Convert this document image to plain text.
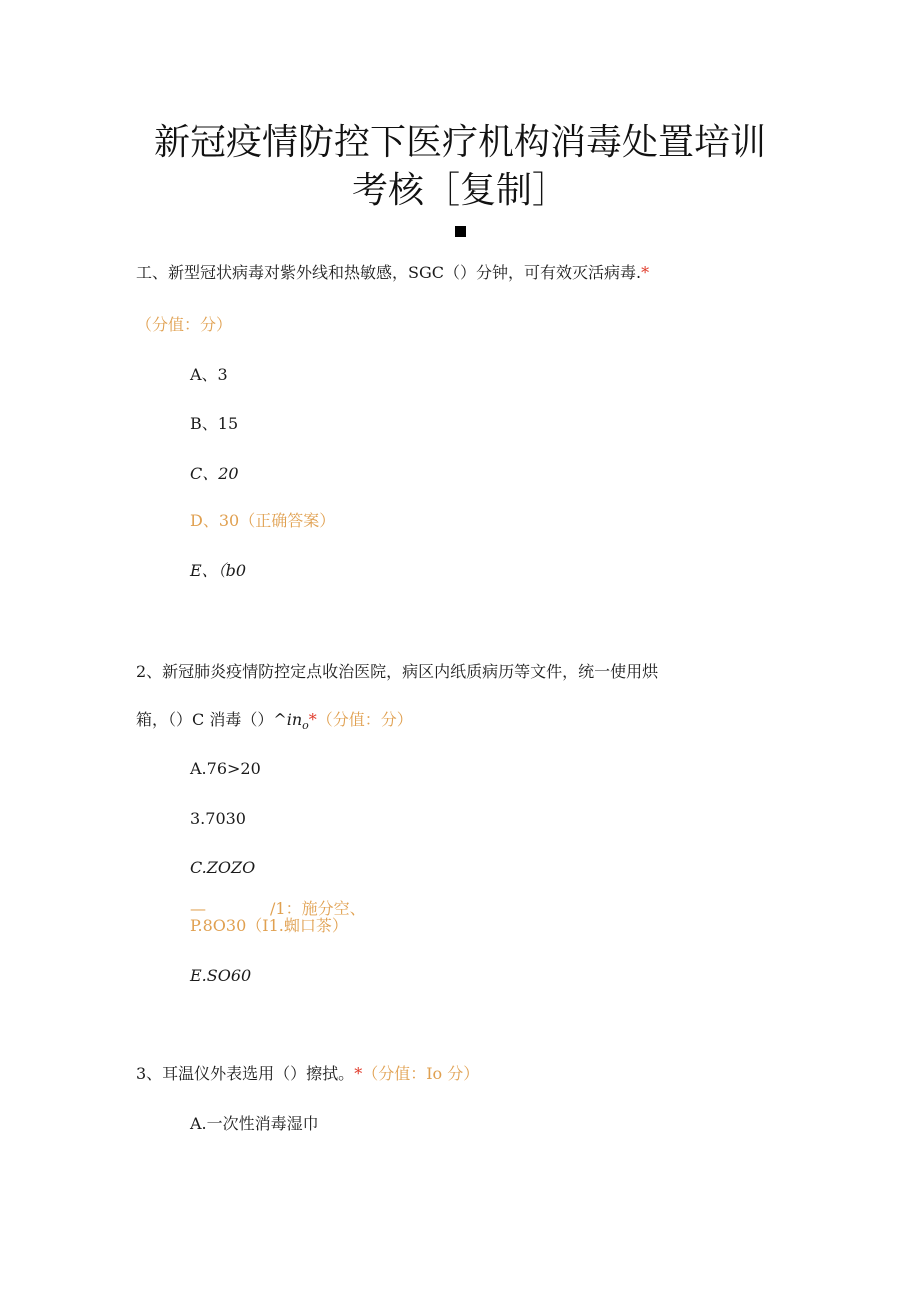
新冠疫情防控下医疗机构消毒处置培训
考核［复制］
工、新型冠状病毒对紫外线和热敏感，SGC（）分钟，可有效灭活病毒.*
（分值：分）
A、3
B、15
C、20
D、30（正确答案）
E、（b0
2、新冠肺炎疫情防控定点收治医院，病区内纸质病历等文件，统一使用烘
箱，（）C 消毒$()\^{}in_o*$（分值：分）
A.76>20
3.7030
C.ZOZO
—	/1：施分空、
P.8O30（I1.蜘口茶）
E.SO60
3、耳温仪外表选用（）擦拭。*（分值：Io 分）
A.一次性消毒湿巾
